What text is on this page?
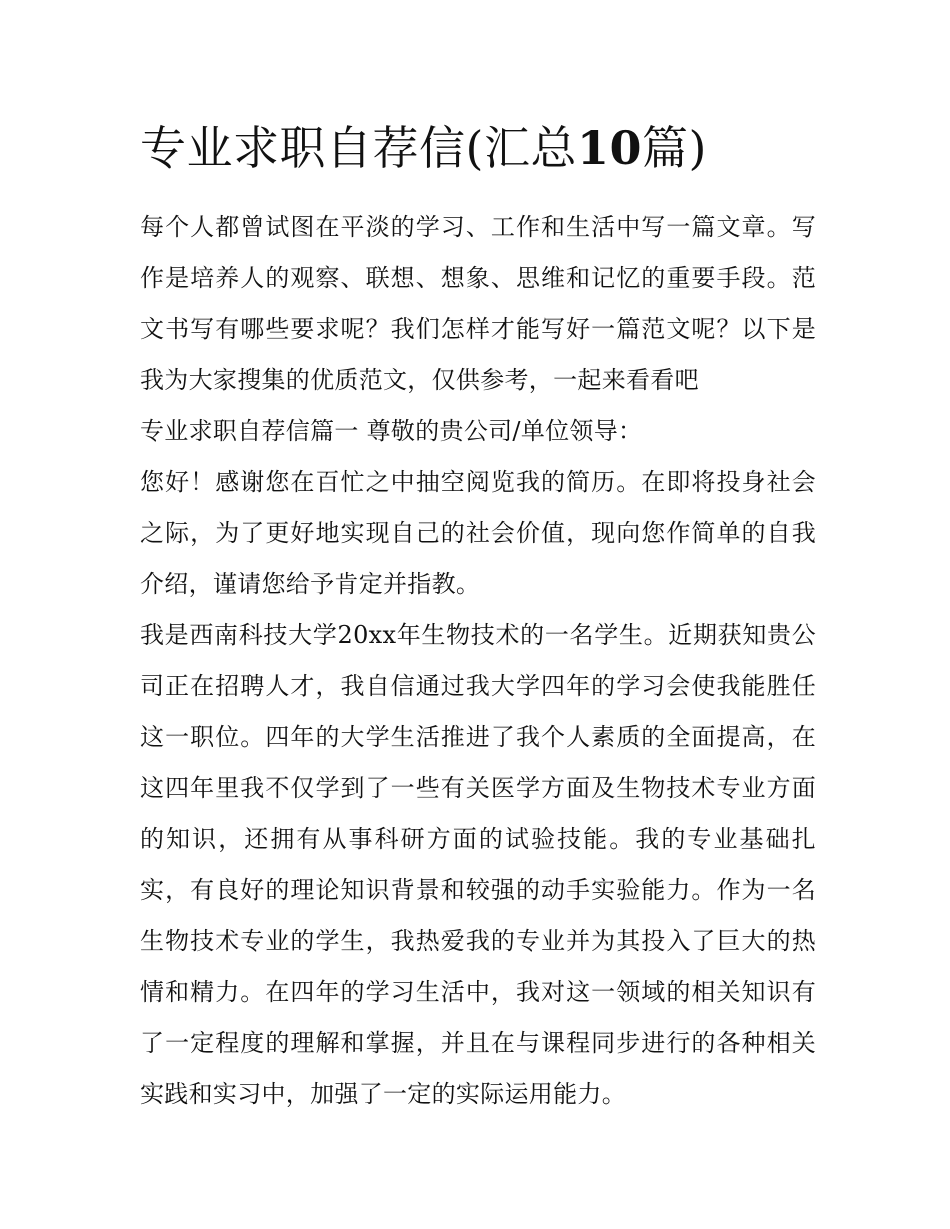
专业求职自荐信(汇总10篇)

每个人都曾试图在平淡的学习、工作和生活中写一篇文章。写作是培养人的观察、联想、想象、思维和记忆的重要手段。范文书写有哪些要求呢？我们怎样才能写好一篇范文呢？以下是我为大家搜集的优质范文，仅供参考，一起来看看吧

专业求职自荐信篇一 尊敬的贵公司/单位领导：

您好！感谢您在百忙之中抽空阅览我的简历。在即将投身社会之际，为了更好地实现自己的社会价值，现向您作简单的自我介绍，谨请您给予肯定并指教。

我是西南科技大学20xx年生物技术的一名学生。近期获知贵公司正在招聘人才，我自信通过我大学四年的学习会使我能胜任这一职位。四年的大学生活推进了我个人素质的全面提高，在这四年里我不仅学到了一些有关医学方面及生物技术专业方面的知识，还拥有从事科研方面的试验技能。我的专业基础扎实，有良好的理论知识背景和较强的动手实验能力。作为一名生物技术专业的学生，我热爱我的专业并为其投入了巨大的热情和精力。在四年的学习生活中，我对这一领域的相关知识有了一定程度的理解和掌握，并且在与课程同步进行的各种相关实践和实习中，加强了一定的实际运用能力。
